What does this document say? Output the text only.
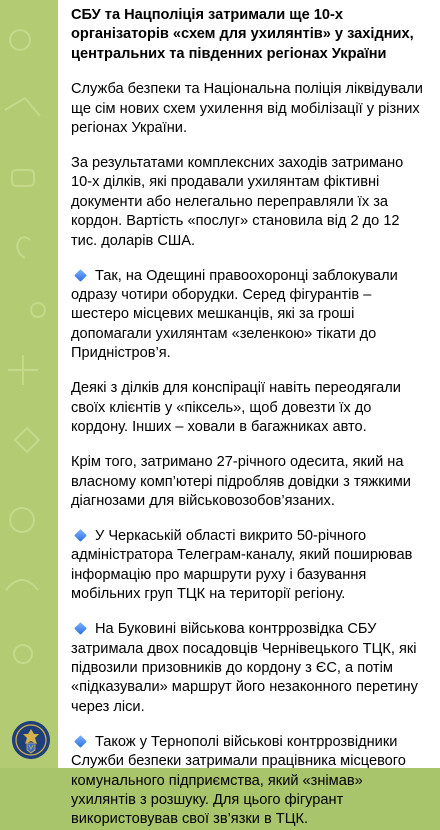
СБУ та Нацполіція затримали ще 10-х організаторів «схем для ухилянтів» у західних, центральних та південних регіонах України
Служба безпеки та Національна поліція ліквідували ще сім нових схем ухилення від мобілізації у різних регіонах України.
За результатами комплексних заходів затримано 10-х ділків, які продавали ухилянтам фіктивні документи або нелегально переправляли їх за кордон. Вартість «послуг» становила від 2 до 12 тис. доларів США.
Так, на Одещині правоохоронці заблокували одразу чотири оборудки. Серед фігурантів – шестеро місцевих мешканців, які за гроші допомагали ухилянтам «зеленкою» тікати до Придністров’я.
Деякі з ділків для конспірації навіть переодягали своїх клієнтів у «піксель», щоб довезти їх до кордону. Інших – ховали в багажниках авто.
Крім того, затримано 27-річного одесита, який на власному комп’ютері підробляв довідки з тяжкими діагнозами для військовозобов’язаних.
У Черкаській області викрито 50-річного адміністратора Телеграм-каналу, який поширював інформацію про маршрути руху і базування мобільних груп ТЦК на території регіону.
На Буковині військова контррозвідка СБУ затримала двох посадовців Чернівецького ТЦК, які підвозили призовників до кордону з ЄС, а потім «підказували» маршрут його незаконного перетину через ліси.
Також у Тернополі військові контррозвідники Служби безпеки затримали працівника місцевого комунального підприємства, який «знімав» ухилянтів з розшуку. Для цього фігурант використовував свої зв’язки в ТЦК.
